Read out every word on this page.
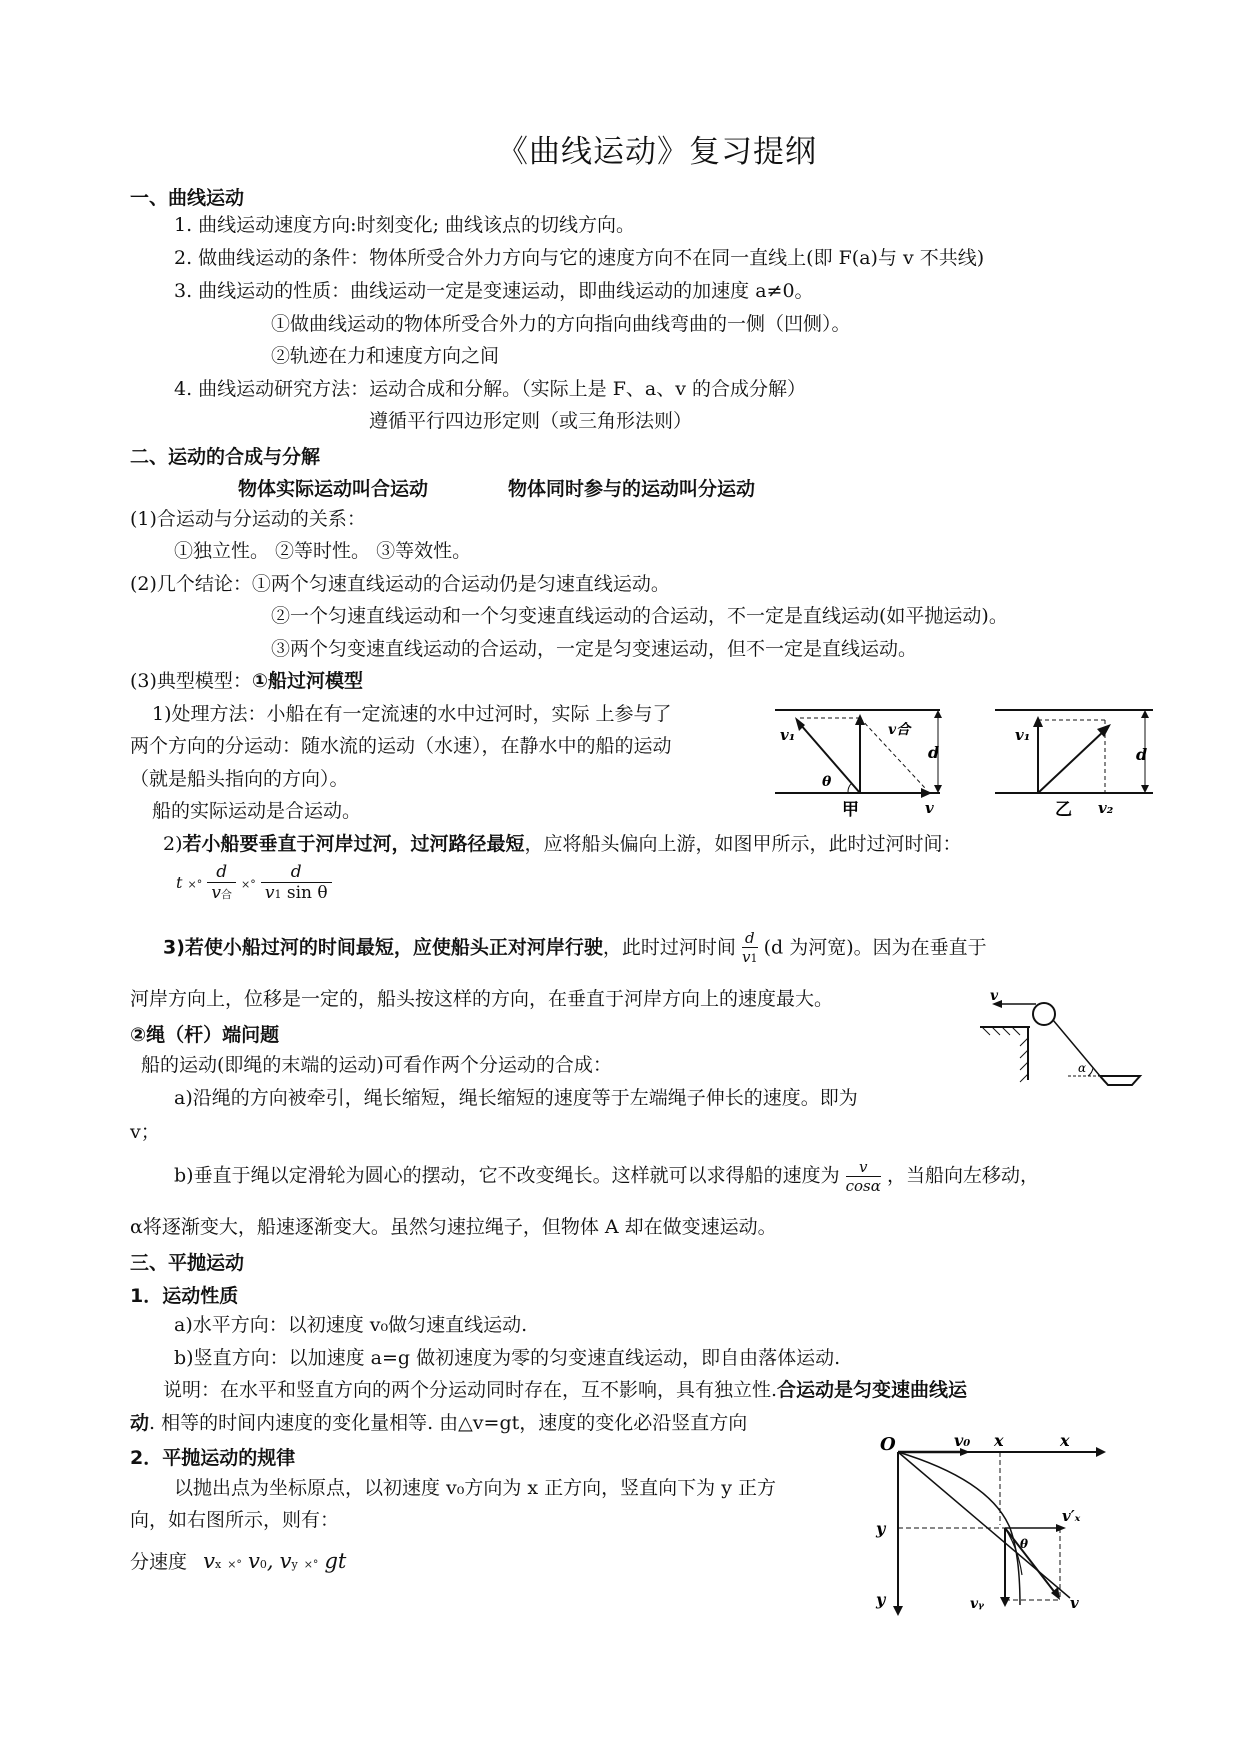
《曲线运动》复习提纲
一、曲线运动
1. 曲线运动速度方向:时刻变化; 曲线该点的切线方向。
2. 做曲线运动的条件：物体所受合外力方向与它的速度方向不在同一直线上(即 F(a)与 v 不共线)
3. 曲线运动的性质：曲线运动一定是变速运动，即曲线运动的加速度 a≠0。
①做曲线运动的物体所受合外力的方向指向曲线弯曲的一侧（凹侧）。
②轨迹在力和速度方向之间
4. 曲线运动研究方法：运动合成和分解。（实际上是 F、a、v 的合成分解）
遵循平行四边形定则（或三角形法则）
二、运动的合成与分解
物体实际运动叫合运动	物体同时参与的运动叫分运动
(1)合运动与分运动的关系：
①独立性。 ②等时性。 ③等效性。
(2)几个结论：①两个匀速直线运动的合运动仍是匀速直线运动。
②一个匀速直线运动和一个匀变速直线运动的合运动，不一定是直线运动(如平抛运动)。
③两个匀变速直线运动的合运动，一定是匀变速运动，但不一定是直线运动。
(3)典型模型：①船过河模型
1)处理方法：小船在有一定流速的水中过河时，实际 上参与了
两个方向的分运动：随水流的运动（水速），在静水中的船的运动
（就是船头指向的方向）。
船的实际运动是合运动。
v₁	v合
d
θ
甲	v
v₁
d
乙 v₂
2)若小船要垂直于河岸过河，过河路径最短，应将船头偏向上游，如图甲所示，此时过河时间：
t ×° $\frac{d}{\text{v合}}$ ×° $\frac{d}{\text{v1 sin θ}}$
3)若使小船过河的时间最短，应使船头正对河岸行驶，此时过河时间 $\frac{d}{v1} (d$ 为河宽)。因为在垂直于
河岸方向上，位移是一定的，船头按这样的方向，在垂直于河岸方向上的速度最大。
②绳（杆）端问题
船的运动(即绳的末端的运动)可看作两个分运动的合成：
a)沿绳的方向被牵引，绳长缩短，绳长缩短的速度等于左端绳子伸长的速度。即为
v；
b)垂直于绳以定滑轮为圆心的摆动，它不改变绳长。这样就可以求得船的速度为 $\frac{v}{\cos\alpha}$ ，当船向左移动，
α将逐渐变大，船速逐渐变大。虽然匀速拉绳子，但物体 A 却在做变速运动。
v
α
三、平抛运动
1．运动性质
a)水平方向：以初速度 v₀做匀速直线运动.
b)竖直方向：以加速度 a=g 做初速度为零的匀变速直线运动，即自由落体运动.
说明：在水平和竖直方向的两个分运动同时存在，互不影响，具有独立性.合运动是匀变速曲线运
动. 相等的时间内速度的变化量相等. 由△v=gt，速度的变化必沿竖直方向
2．平抛运动的规律
以抛出点为坐标原点，以初速度 v₀方向为 x 正方向，竖直向下为 y 正方
向，如右图所示，则有：
分速度 vx ×° v0, vy ×° gt
O	v₀ x	x
y
y
v′ₓ
θ
vᵧ	v
